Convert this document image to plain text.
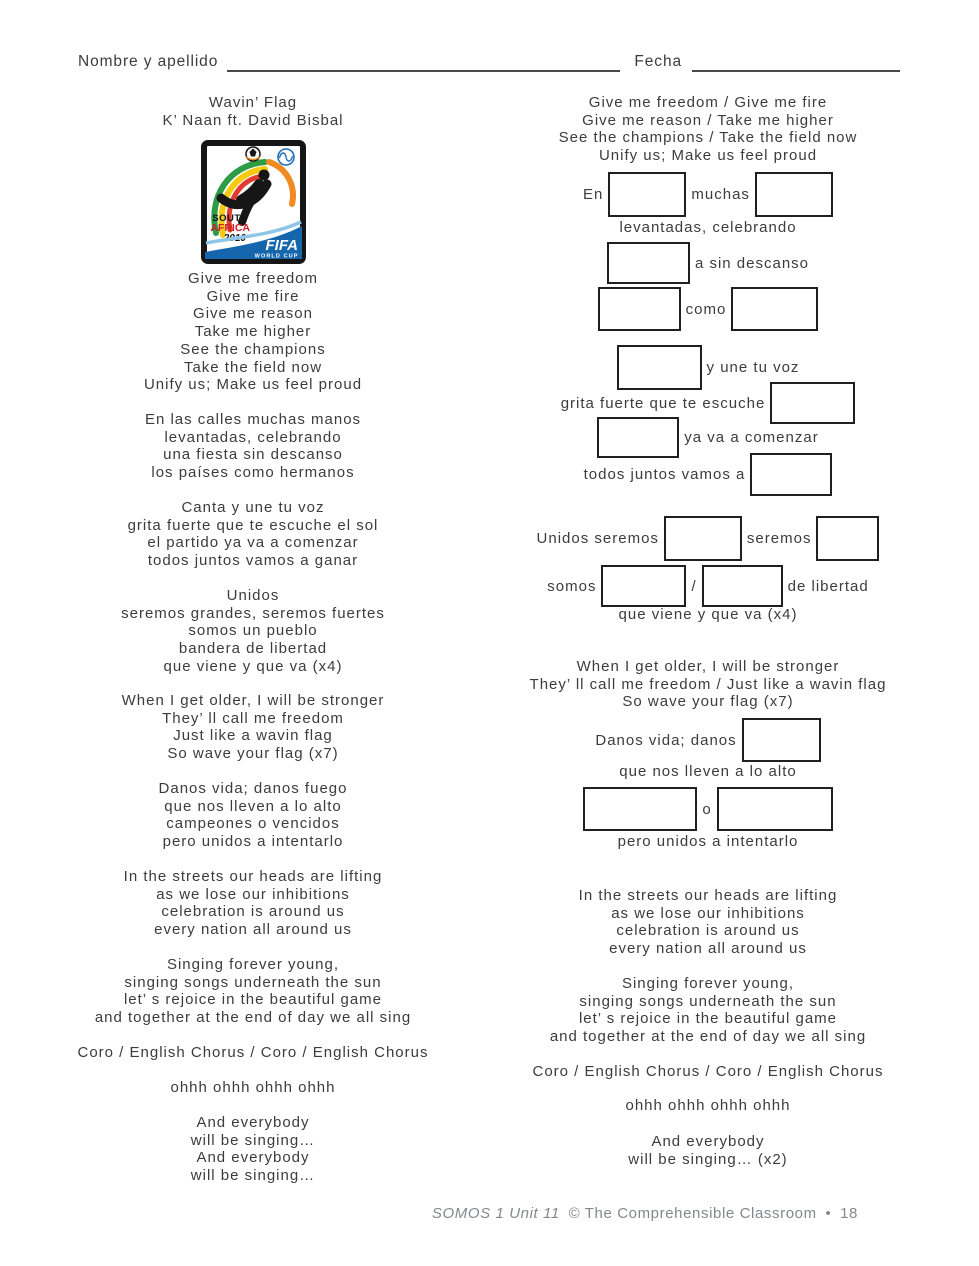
Nombre y apellido	Fecha
Wavin’ Flag
K’ Naan ft. David Bisbal
SOUTH
AFRICA
2010 FIFA
WORLD CUP
Give me freedom
Give me fire
Give me reason
Take me higher
See the champions
Take the field now
Unify us; Make us feel proud
En las calles muchas manos
levantadas, celebrando
una fiesta sin descanso
los países como hermanos
Canta y une tu voz
grita fuerte que te escuche el sol
el partido ya va a comenzar
todos juntos vamos a ganar
Unidos
seremos grandes, seremos fuertes
somos un pueblo
bandera de libertad
que viene y que va (x4)
When I get older, I will be stronger
They’ ll call me freedom
Just like a wavin flag
So wave your flag (x7)
Danos vida; danos fuego
que nos lleven a lo alto
campeones o vencidos
pero unidos a intentarlo
In the streets our heads are lifting
as we lose our inhibitions
celebration is around us
every nation all around us
Singing forever young,
singing songs underneath the sun
let’ s rejoice in the beautiful game
and together at the end of day we all sing
Coro / English Chorus / Coro / English Chorus
ohhh ohhh ohhh ohhh
And everybody
will be singing…
And everybody
will be singing…
Give me freedom / Give me fire
Give me reason / Take me higher
See the champions / Take the field now
Unify us; Make us feel proud
En	muchas
levantadas, celebrando
a sin descanso
como
y une tu voz
grita fuerte que te escuche
ya va a comenzar
todos juntos vamos a
Unidos seremos	seremos
somos	/	de libertad
que viene y que va (x4)
When I get older, I will be stronger
They’ ll call me freedom / Just like a wavin flag
So wave your flag (x7)
Danos vida; danos
que nos lleven a lo alto
o
pero unidos a intentarlo
In the streets our heads are lifting
as we lose our inhibitions
celebration is around us
every nation all around us
Singing forever young,
singing songs underneath the sun
let’ s rejoice in the beautiful game
and together at the end of day we all sing
Coro / English Chorus / Coro / English Chorus
ohhh ohhh ohhh ohhh
And everybody
will be singing… (x2)
SOMOS 1 Unit 11 © The Comprehensible Classroom • 18
